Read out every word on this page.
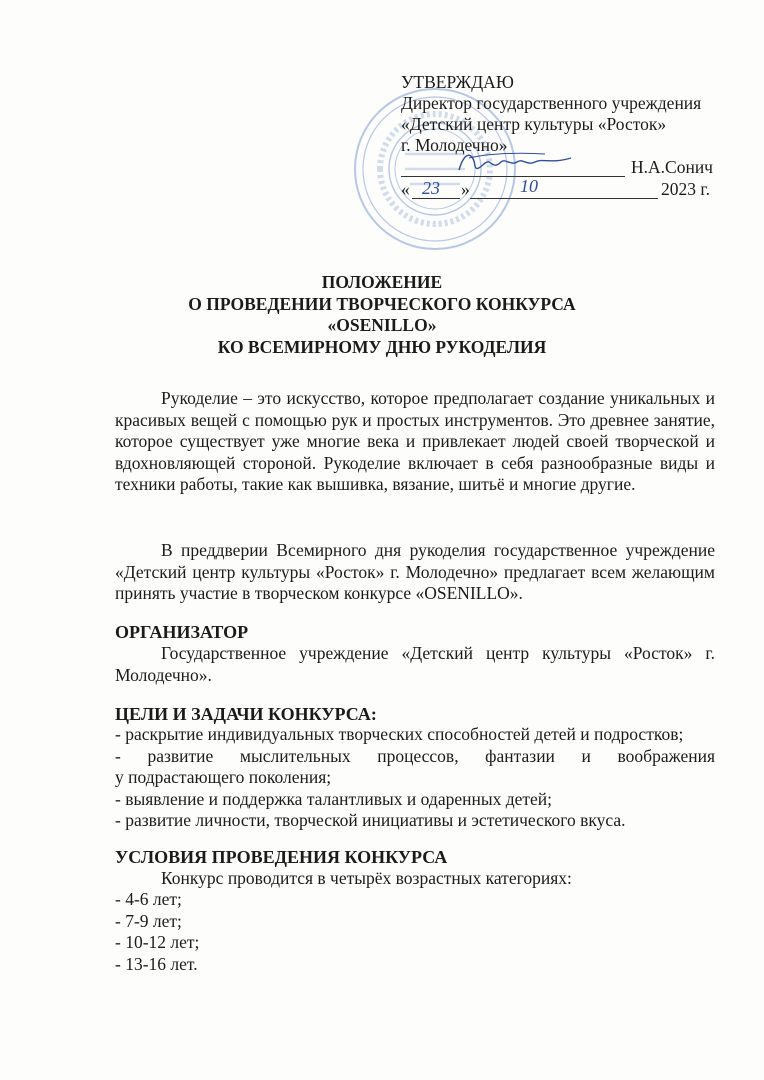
УТВЕРЖДАЮ
Директор государственного учреждения
«Детский центр культуры «Росток»
г. Молодечно»
Н.А.Сонич
« 23 »	10	2023 г.
ПОЛОЖЕНИЕ
О ПРОВЕДЕНИИ ТВОРЧЕСКОГО КОНКУРСА
«OSENILLO»
КО ВСЕМИРНОМУ ДНЮ РУКОДЕЛИЯ
Рукоделие – это искусство, которое предполагает создание уникальных и красивых вещей с помощью рук и простых инструментов. Это древнее занятие, которое существует уже многие века и привлекает людей своей творческой и вдохновляющей стороной. Рукоделие включает в себя разнообразные виды и техники работы, такие как вышивка, вязание, шитьё и многие другие.
В преддверии Всемирного дня рукоделия государственное учреждение «Детский центр культуры «Росток» г. Молодечно» предлагает всем желающим принять участие в творческом конкурсе «OSENILLO».
ОРГАНИЗАТОР
Государственное учреждение «Детский центр культуры «Росток» г. Молодечно».
ЦЕЛИ И ЗАДАЧИ КОНКУРСА:
- раскрытие индивидуальных творческих способностей детей и подростков;
- развитие мыслительных процессов, фантазии и воображения
у подрастающего поколения;
- выявление и поддержка талантливых и одаренных детей;
- развитие личности, творческой инициативы и эстетического вкуса.
УСЛОВИЯ ПРОВЕДЕНИЯ КОНКУРСА
Конкурс проводится в четырёх возрастных категориях:
- 4-6 лет;
- 7-9 лет;
- 10-12 лет;
- 13-16 лет.
